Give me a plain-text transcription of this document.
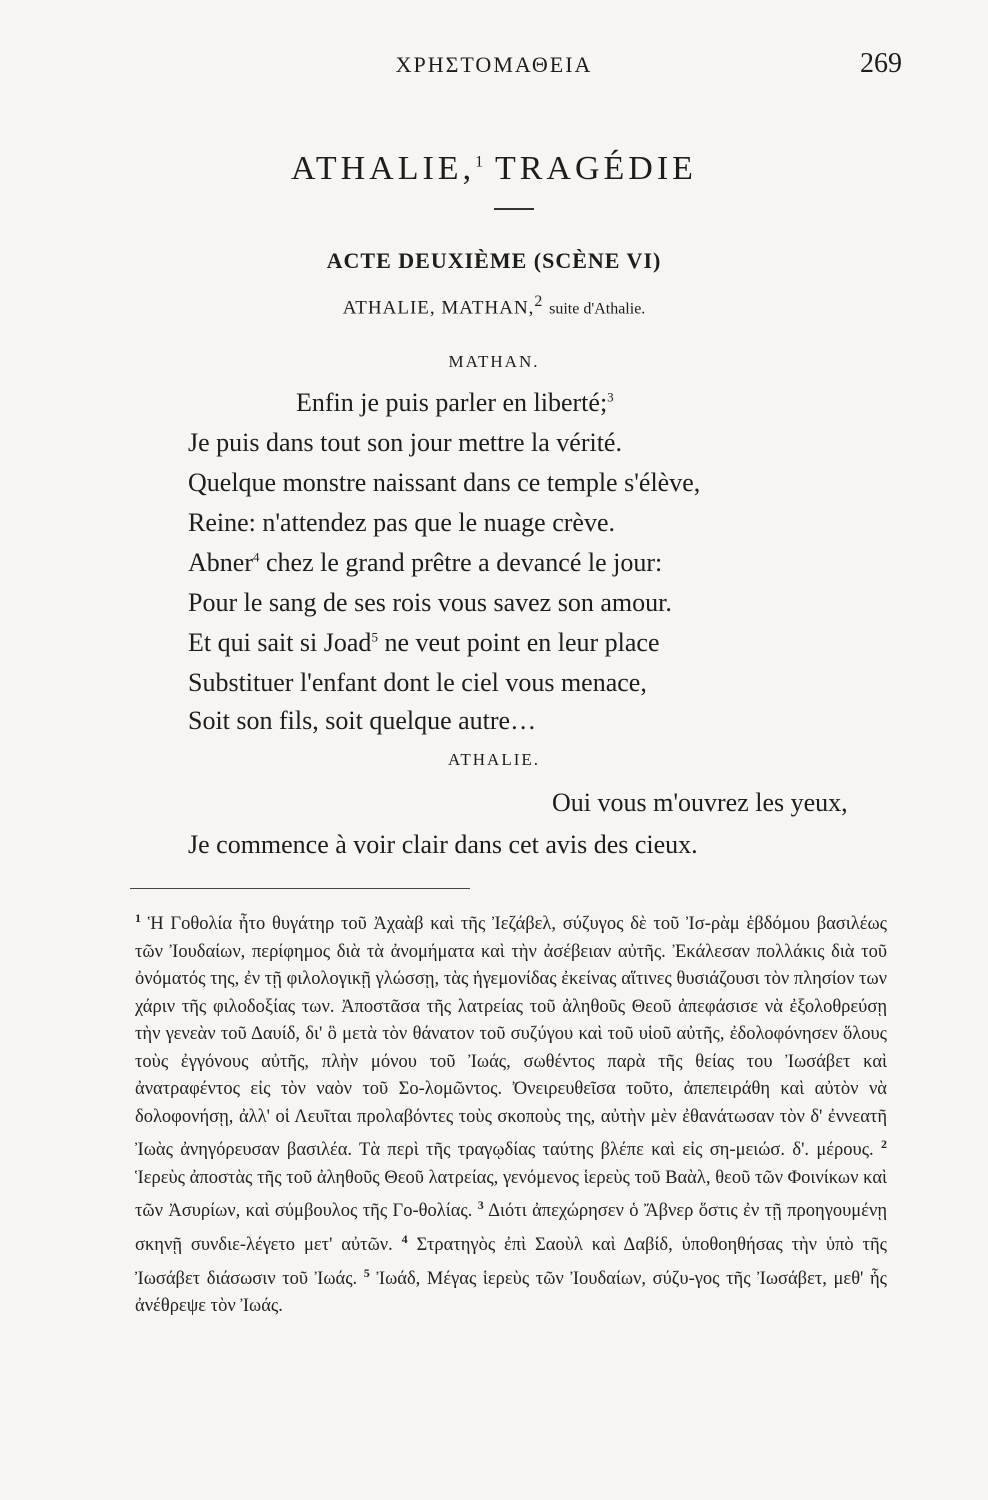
ΧΡΗΣΤΟΜΑΘΕΙΑ	269
ATHALIE,$^1$ TRAGÉDIE
ACTE DEUXIÈME (SCÈNE VI)
ATHALIE, MATHAN,$^2$ suite d'Athalie.
MATHAN.
Enfin je puis parler en liberté;$^3$
Je puis dans tout son jour mettre la vérité.
Quelque monstre naissant dans ce temple s'élève,
Reine: n'attendez pas que le nuage crève.
Abner$^4$ chez le grand prêtre a devancé le jour:
Pour le sang de ses rois vous savez son amour.
Et qui sait si Joad$^5$ ne veut point en leur place
Substituer l'enfant dont le ciel vous menace,
Soit son fils, soit quelque autre…
ATHALIE.
Oui vous m'ouvrez les yeux,
Je commence à voir clair dans cet avis des cieux.
$^1$ Ἡ Γοθολία ἦτο θυγάτηρ τοῦ Ἀχαὰβ καὶ τῆς Ἰεζάβελ, σύζυγος δὲ τοῦ Ἰσ-ρὰμ ἑβδόμου βασιλέως τῶν Ἰουδαίων, περίφημος διὰ τὰ ἀνομήματα καὶ τὴν ἀσέβειαν αὐτῆς. Ἐκάλεσαν πολλάκις διὰ τοῦ ὀνόματός της, ἐν τῇ φιλολογικῇ γλώσσῃ, τὰς ἡγεμονίδας ἐκείνας αἵτινες θυσιάζουσι τὸν πλησίον των χάριν τῆς φιλοδοξίας των. Ἀποστᾶσα τῆς λατρείας τοῦ ἀληθοῦς Θεοῦ ἀπεφάσισε νὰ ἐξολοθρεύσῃ τὴν γενεὰν τοῦ Δαυίδ, δι' ὃ μετὰ τὸν θάνατον τοῦ συζύγου καὶ τοῦ υἱοῦ αὐτῆς, ἐδολοφόνησεν ὅλους τοὺς ἐγγόνους αὐτῆς, πλὴν μόνου τοῦ Ἰωάς, σωθέντος παρὰ τῆς θείας του Ἰωσάβετ καὶ ἀνατραφέντος εἰς τὸν ναὸν τοῦ Σο-λομῶντος. Ὀνειρευθεῖσα τοῦτο, ἀπεπειράθη καὶ αὐτὸν νὰ δολοφονήσῃ, ἀλλ' οἱ Λευῖται προλαβόντες τοὺς σκοποὺς της, αὐτὴν μὲν ἐθανάτωσαν τὸν δ' ἐννεατῆ Ἰωὰς ἀνηγόρευσαν βασιλέα. Τὰ περὶ τῆς τραγῳδίας ταύτης βλέπε καὶ εἰς ση-μειώσ. δ'. μέρους. $^2$ Ἱερεὺς ἀποστὰς τῆς τοῦ ἀληθοῦς Θεοῦ λατρείας, γενόμενος ἱερεὺς τοῦ Βαὰλ, θεοῦ τῶν Φοινίκων καὶ τῶν Ἀσυρίων, καὶ σύμβουλος τῆς Γο-θολίας. $^3$ Διότι ἀπεχώρησεν ὁ Ἄβνερ ὅστις ἐν τῇ προηγουμένῃ σκηνῇ συνδιε-λέγετο μετ' αὐτῶν. $^4$ Στρατηγὸς ἐπὶ Σαοὺλ καὶ Δαβίδ, ὑποθοηθήσας τὴν ὑπὸ τῆς Ἰωσάβετ διάσωσιν τοῦ Ἰωάς. $^5$ Ἰωάδ, Μέγας ἱερεὺς τῶν Ἰουδαίων, σύζυ-γος τῆς Ἰωσάβετ, μεθ' ἧς ἀνέθρεψε τὸν Ἰωάς.
